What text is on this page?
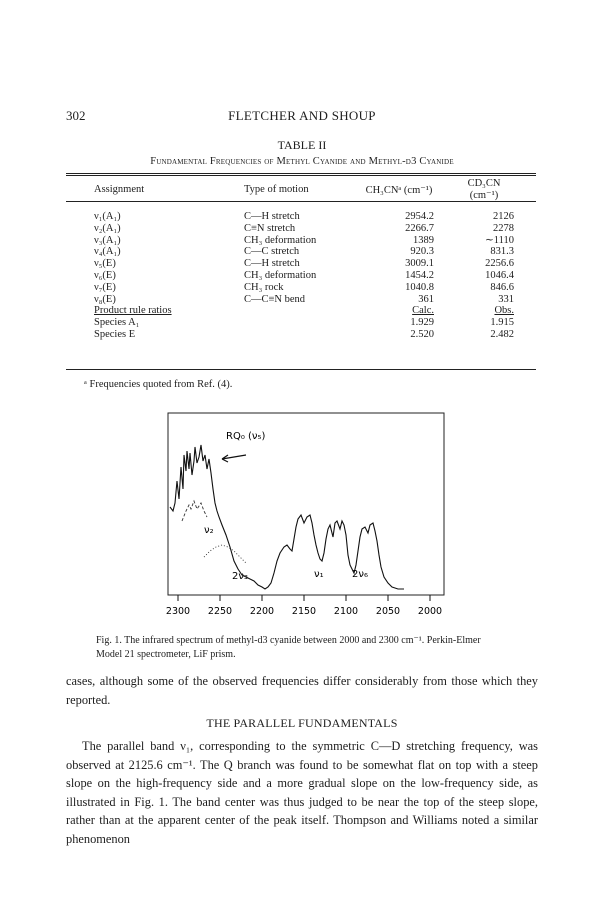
302	FLETCHER AND SHOUP
TABLE II
Fundamental Frequencies of Methyl Cyanide and Methyl-d3 Cyanide
Assignment	Type of motion	CH₃CNᵃ (cm⁻¹)	CD₃CN (cm⁻¹)

ν₁(A₁)	C—H stretch	2954.2	2126
ν₂(A₁)	C≡N stretch	2266.7	2278
ν₃(A₁)	CH₃ deformation	1389	∼1110
ν₄(A₁)	C—C stretch	920.3	831.3
ν₅(E)	C—H stretch	3009.1	2256.6
ν₆(E)	CH₃ deformation	1454.2	1046.4
ν₇(E)	CH₃ rock	1040.8	846.6
ν₈(E)	C—C≡N bend	361	331
Product rule ratios		Calc.	Obs.
Species A₁		1.929	1.915
Species E		2.520	2.482
ᵃ Frequencies quoted from Ref. (4).
RQ₀ (ν₅)
ν₂
2ν₃	ν₁	2ν₆
2300 2250 2200 2150 2100 2050 2000
Fig. 1. The infrared spectrum of methyl-d3 cyanide between 2000 and 2300 cm⁻¹. Perkin-Elmer Model 21 spectrometer, LiF prism.
cases, although some of the observed frequencies differ considerably from those which they reported.
THE PARALLEL FUNDAMENTALS
The parallel band ν₁, corresponding to the symmetric C—D stretching frequency, was observed at 2125.6 cm⁻¹. The Q branch was found to be somewhat flat on top with a steep slope on the high-frequency side and a more gradual slope on the low-frequency side, as illustrated in Fig. 1. The band center was thus judged to be near the top of the steep slope, rather than at the apparent center of the peak itself. Thompson and Williams noted a similar phenomenon
